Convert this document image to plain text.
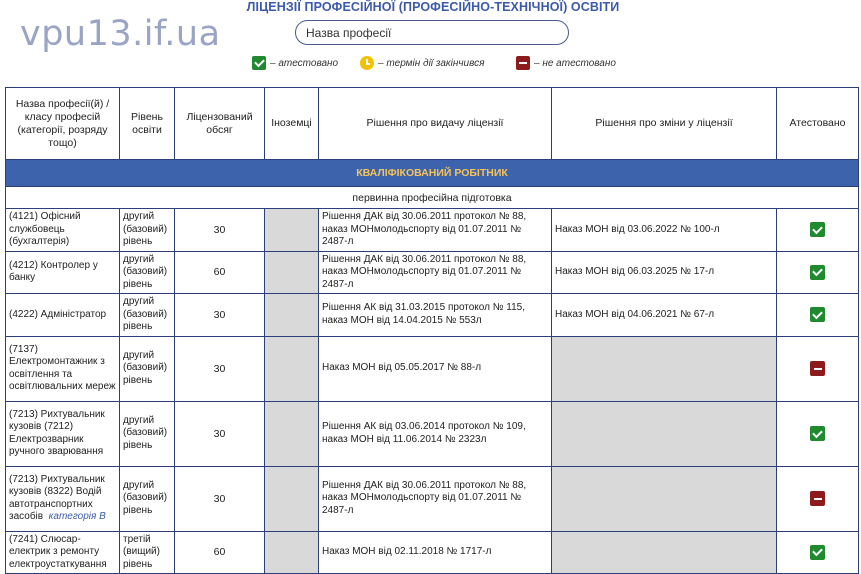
vpu13.if.ua
ЛІЦЕНЗІЇ ПРОФЕСІЙНОЇ (ПРОФЕСІЙНО-ТЕХНІЧНОЇ) ОСВІТИ
Назва професії
– атестовано	– термін дії закінчився	– не атестовано
Назва професії(й) / класу професій (категорії, розряду тощо)	Рівень освіти	Ліцензований обсяг	Іноземці	Рішення про видачу ліцензії	Рішення про зміни у ліцензії	Атестовано
КВАЛІФІКОВАНИЙ РОБІТНИК						
первинна професійна підготовка						
(4121) Офісний службовець (бухгалтерія)	другий (базовий) рівень	30		Рішення ДАК від 30.06.2011 протокол № 88, наказ МОНмолодьспорту від 01.07.2011 № 2487-л	Наказ МОН від 03.06.2022 № 100-л	
(4212) Контролер у банку	другий (базовий) рівень	60		Рішення ДАК від 30.06.2011 протокол № 88, наказ МОНмолодьспорту від 01.07.2011 № 2487-л	Наказ МОН від 06.03.2025 № 17-л	
(4222) Адміністратор	другий (базовий) рівень	30		Рішення АК від 31.03.2015 протокол № 115, наказ МОН від 14.04.2015 № 553л	Наказ МОН від 04.06.2021 № 67-л	
(7137) Електромонтажник з освітлення та освітлювальних мереж	другий (базовий) рівень	30		Наказ МОН від 05.05.2017 № 88-л		
(7213) Рихтувальник кузовів (7212) Електрозварник ручного зварювання	другий (базовий) рівень	30		Рішення АК від 03.06.2014 протокол № 109, наказ МОН від 11.06.2014 № 2323л		
(7213) Рихтувальник кузовів (8322) Водій автотранспортних засобів категорія B	другий (базовий) рівень	30		Рішення ДАК від 30.06.2011 протокол № 88, наказ МОНмолодьспорту від 01.07.2011 № 2487-л		
(7241) Слюсар-електрик з ремонту електроустаткування	третій (вищий) рівень	60		Наказ МОН від 02.11.2018 № 1717-л		
